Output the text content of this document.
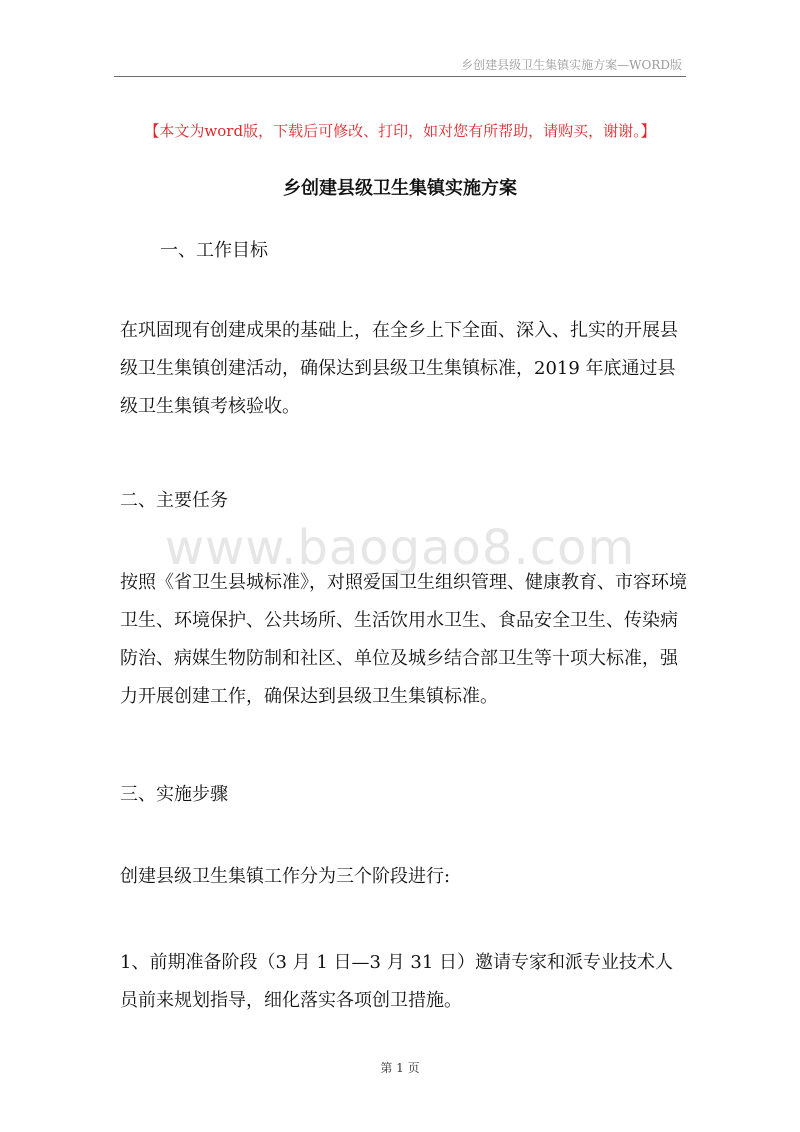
乡创建县级卫生集镇实施方案—WORD版
【本文为word版，下载后可修改、打印，如对您有所帮助，请购买，谢谢。】
乡创建县级卫生集镇实施方案
一、工作目标
在巩固现有创建成果的基础上，在全乡上下全面、深入、扎实的开展县级卫生集镇创建活动，确保达到县级卫生集镇标准，2019 年底通过县级卫生集镇考核验收。
二、主要任务
www.baogao8.com
按照《省卫生县城标准》，对照爱国卫生组织管理、健康教育、市容环境卫生、环境保护、公共场所、生活饮用水卫生、食品安全卫生、传染病防治、病媒生物防制和社区、单位及城乡结合部卫生等十项大标准，强力开展创建工作，确保达到县级卫生集镇标准。
三、实施步骤
创建县级卫生集镇工作分为三个阶段进行:
1、前期准备阶段（3 月 1 日—3 月 31 日）邀请专家和派专业技术人员前来规划指导，细化落实各项创卫措施。
第 1 页
